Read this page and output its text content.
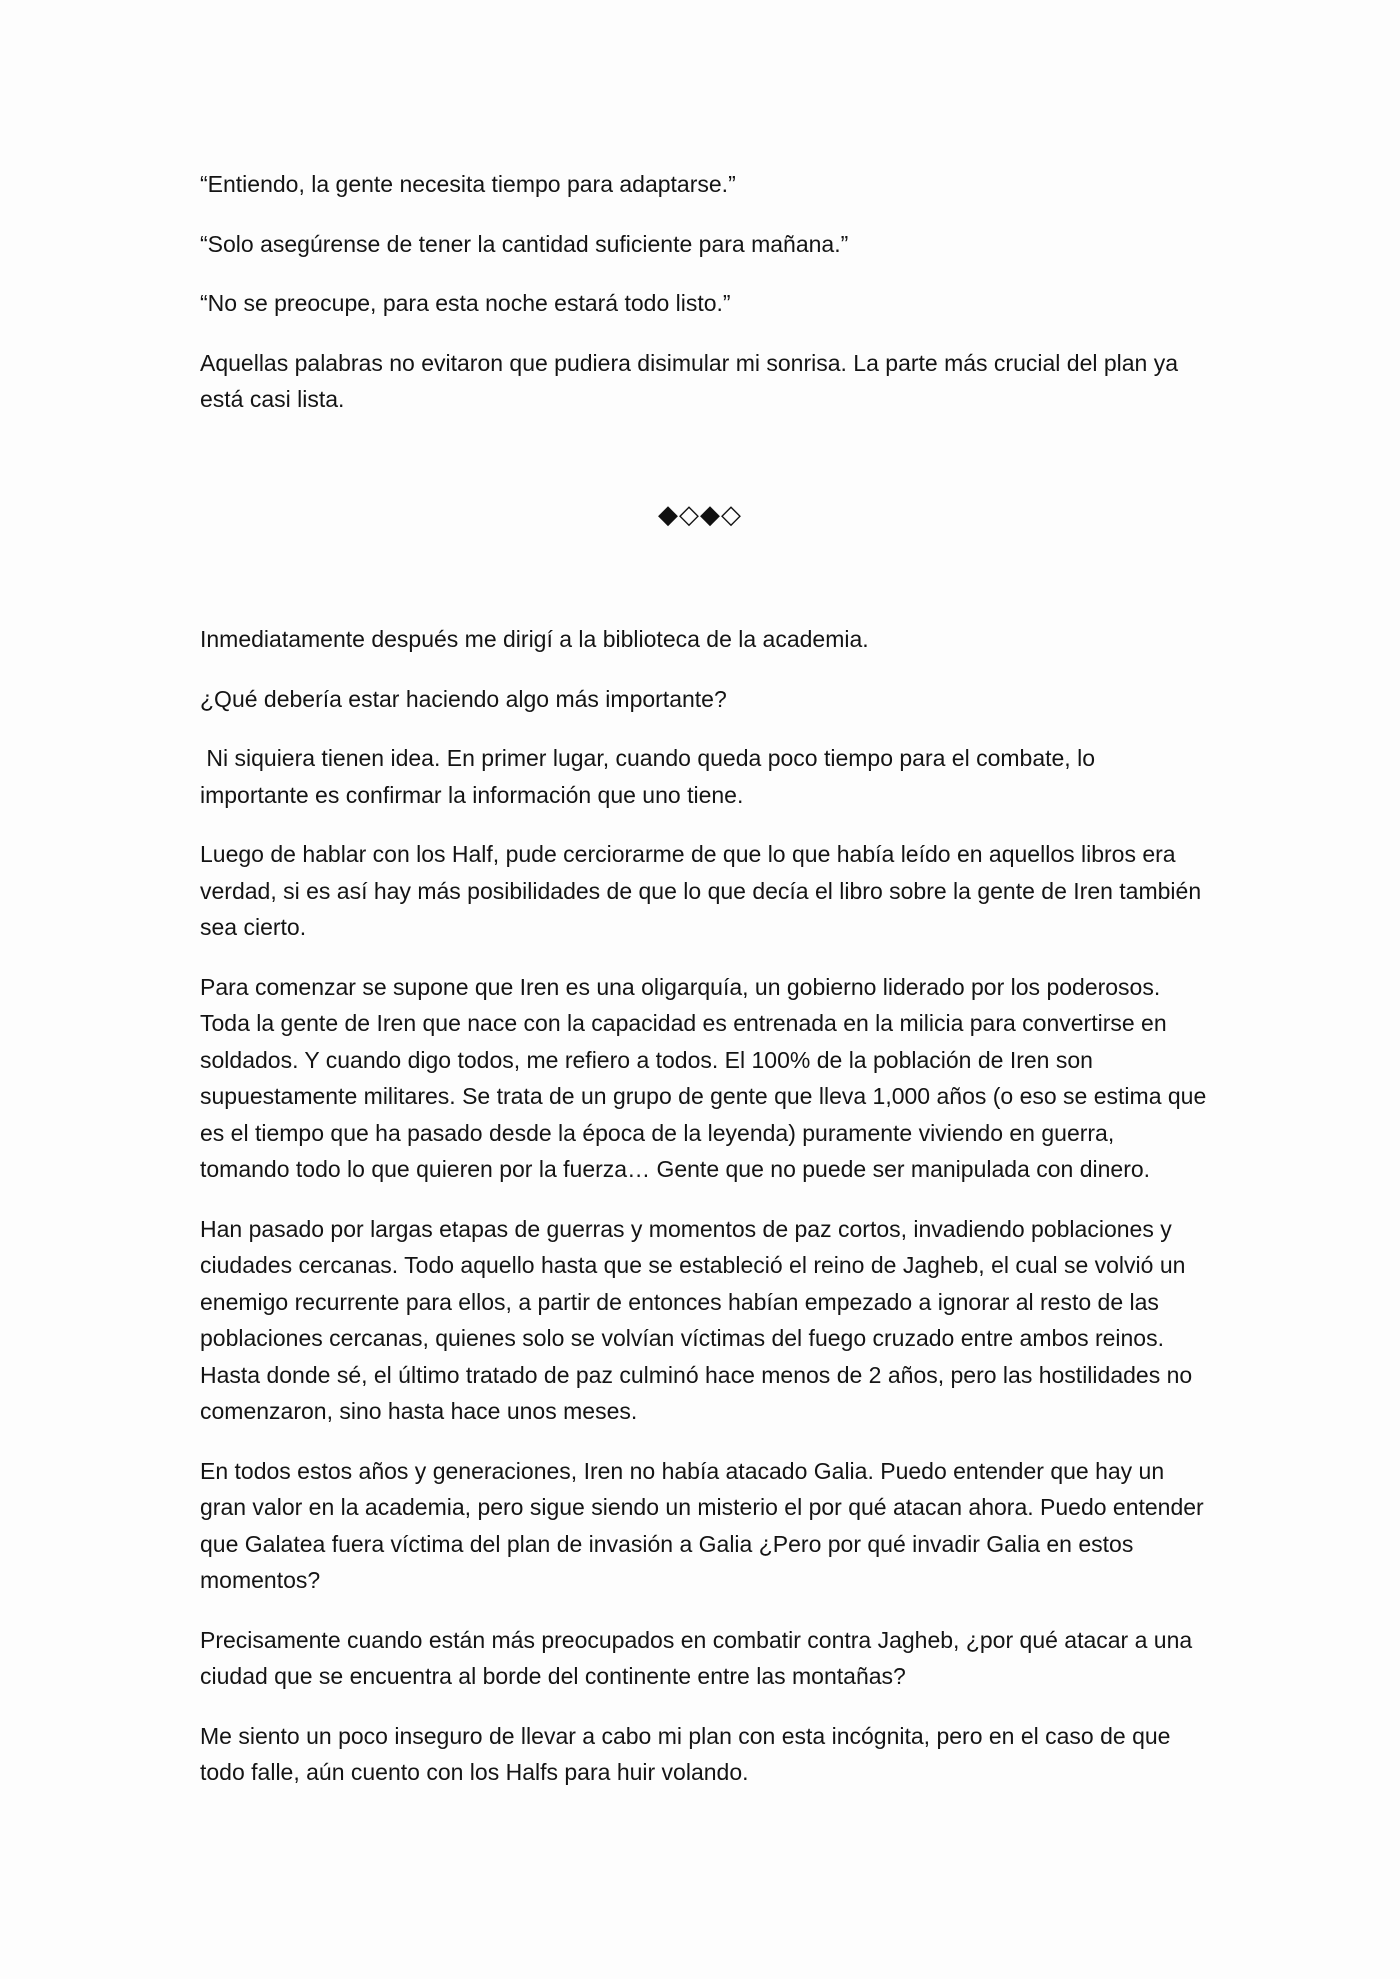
“Entiendo, la gente necesita tiempo para adaptarse.”

“Solo asegúrense de tener la cantidad suficiente para mañana.”

“No se preocupe, para esta noche estará todo listo.”

Aquellas palabras no evitaron que pudiera disimular mi sonrisa. La parte más crucial del plan ya está casi lista.

◆◇◆◇

Inmediatamente después me dirigí a la biblioteca de la academia.

¿Qué debería estar haciendo algo más importante?

Ni siquiera tienen idea. En primer lugar, cuando queda poco tiempo para el combate, lo importante es confirmar la información que uno tiene.

Luego de hablar con los Half, pude cerciorarme de que lo que había leído en aquellos libros era verdad, si es así hay más posibilidades de que lo que decía el libro sobre la gente de Iren también sea cierto.

Para comenzar se supone que Iren es una oligarquía, un gobierno liderado por los poderosos. Toda la gente de Iren que nace con la capacidad es entrenada en la milicia para convertirse en soldados. Y cuando digo todos, me refiero a todos. El 100% de la población de Iren son supuestamente militares. Se trata de un grupo de gente que lleva 1,000 años (o eso se estima que es el tiempo que ha pasado desde la época de la leyenda) puramente viviendo en guerra, tomando todo lo que quieren por la fuerza… Gente que no puede ser manipulada con dinero.

Han pasado por largas etapas de guerras y momentos de paz cortos, invadiendo poblaciones y ciudades cercanas. Todo aquello hasta que se estableció el reino de Jagheb, el cual se volvió un enemigo recurrente para ellos, a partir de entonces habían empezado a ignorar al resto de las poblaciones cercanas, quienes solo se volvían víctimas del fuego cruzado entre ambos reinos. Hasta donde sé, el último tratado de paz culminó hace menos de 2 años, pero las hostilidades no comenzaron, sino hasta hace unos meses.

En todos estos años y generaciones, Iren no había atacado Galia. Puedo entender que hay un gran valor en la academia, pero sigue siendo un misterio el por qué atacan ahora. Puedo entender que Galatea fuera víctima del plan de invasión a Galia ¿Pero por qué invadir Galia en estos momentos?

Precisamente cuando están más preocupados en combatir contra Jagheb, ¿por qué atacar a una ciudad que se encuentra al borde del continente entre las montañas?

Me siento un poco inseguro de llevar a cabo mi plan con esta incógnita, pero en el caso de que todo falle, aún cuento con los Halfs para huir volando.
